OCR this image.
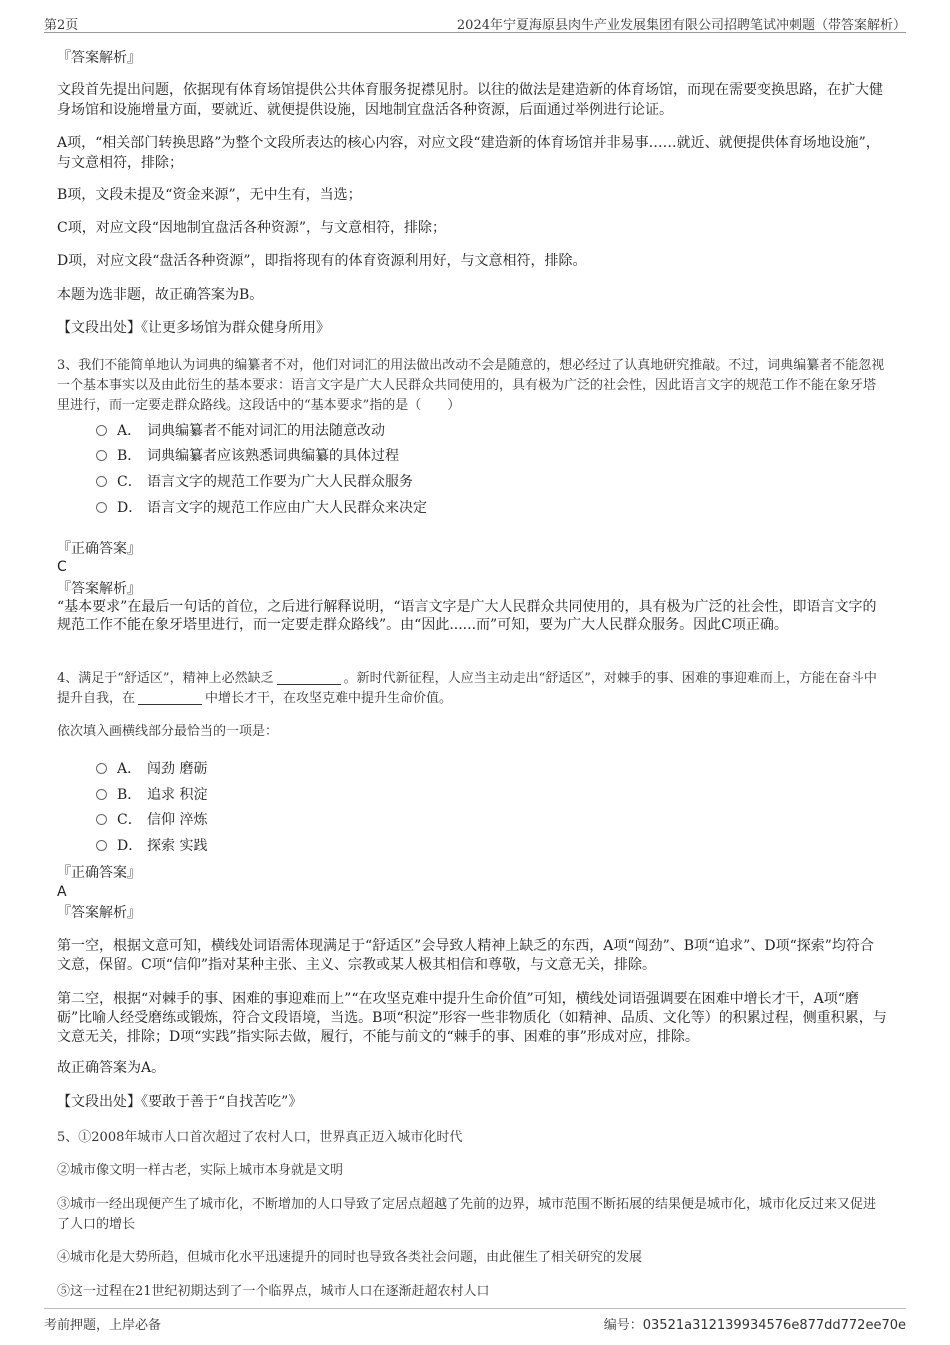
第2页	2024年宁夏海原县肉牛产业发展集团有限公司招聘笔试冲刺题（带答案解析）
『答案解析』
文段首先提出问题，依据现有体育场馆提供公共体育服务捉襟见肘。以往的做法是建造新的体育场馆，而现在需要变换思路，在扩大健身场馆和设施增量方面，要就近、就便提供设施，因地制宜盘活各种资源，后面通过举例进行论证。
A项，“相关部门转换思路”为整个文段所表达的核心内容，对应文段“建造新的体育场馆并非易事……就近、就便提供体育场地设施”，与文意相符，排除；
B项，文段未提及“资金来源”，无中生有，当选；
C项，对应文段“因地制宜盘活各种资源”，与文意相符，排除；
D项，对应文段“盘活各种资源”，即指将现有的体育资源利用好，与文意相符，排除。
本题为选非题，故正确答案为B。
【文段出处】《让更多场馆为群众健身所用》
3、我们不能简单地认为词典的编纂者不对，他们对词汇的用法做出改动不会是随意的，想必经过了认真地研究推敲。不过，词典编纂者不能忽视一个基本事实以及由此衍生的基本要求：语言文字是广大人民群众共同使用的，具有极为广泛的社会性，因此语言文字的规范工作不能在象牙塔里进行，而一定要走群众路线。这段话中的“基本要求”指的是（　　）
A． 词典编纂者不能对词汇的用法随意改动
B． 词典编纂者应该熟悉词典编纂的具体过程
C． 语言文字的规范工作要为广大人民群众服务
D． 语言文字的规范工作应由广大人民群众来决定
『正确答案』
C
『答案解析』
“基本要求”在最后一句话的首位，之后进行解释说明，“语言文字是广大人民群众共同使用的，具有极为广泛的社会性，即语言文字的规范工作不能在象牙塔里进行，而一定要走群众路线”。由“因此......而”可知，要为广大人民群众服务。因此C项正确。
4、满足于“舒适区”，精神上必然缺乏	。新时代新征程，人应当主动走出“舒适区”，对棘手的事、困难的事迎难而上，方能在奋斗中提升自我，在	中增长才干，在攻坚克难中提升生命价值。
依次填入画横线部分最恰当的一项是：
A． 闯劲 磨砺
B． 追求 积淀
C． 信仰 淬炼
D． 探索 实践
『正确答案』
A
『答案解析』
第一空，根据文意可知，横线处词语需体现满足于“舒适区”会导致人精神上缺乏的东西，A项“闯劲”、B项“追求”、D项“探索”均符合文意，保留。C项“信仰”指对某种主张、主义、宗教或某人极其相信和尊敬，与文意无关，排除。
第二空，根据“对棘手的事、困难的事迎难而上”“在攻坚克难中提升生命价值”可知，横线处词语强调要在困难中增长才干，A项“磨砺”比喻人经受磨练或锻炼，符合文段语境，当选。B项“积淀”形容一些非物质化（如精神、品质、文化等）的积累过程，侧重积累，与文意无关，排除；D项“实践”指实际去做，履行，不能与前文的“棘手的事、困难的事”形成对应，排除。
故正确答案为A。
【文段出处】《要敢于善于“自找苦吃”》
5、①2008年城市人口首次超过了农村人口，世界真正迈入城市化时代
②城市像文明一样古老，实际上城市本身就是文明
③城市一经出现便产生了城市化，不断增加的人口导致了定居点超越了先前的边界，城市范围不断拓展的结果便是城市化，城市化反过来又促进了人口的增长
④城市化是大势所趋，但城市化水平迅速提升的同时也导致各类社会问题，由此催生了相关研究的发展
⑤这一过程在21世纪初期达到了一个临界点，城市人口在逐渐赶超农村人口
考前押题，上岸必备	编号：03521a312139934576e877dd772ee70e
